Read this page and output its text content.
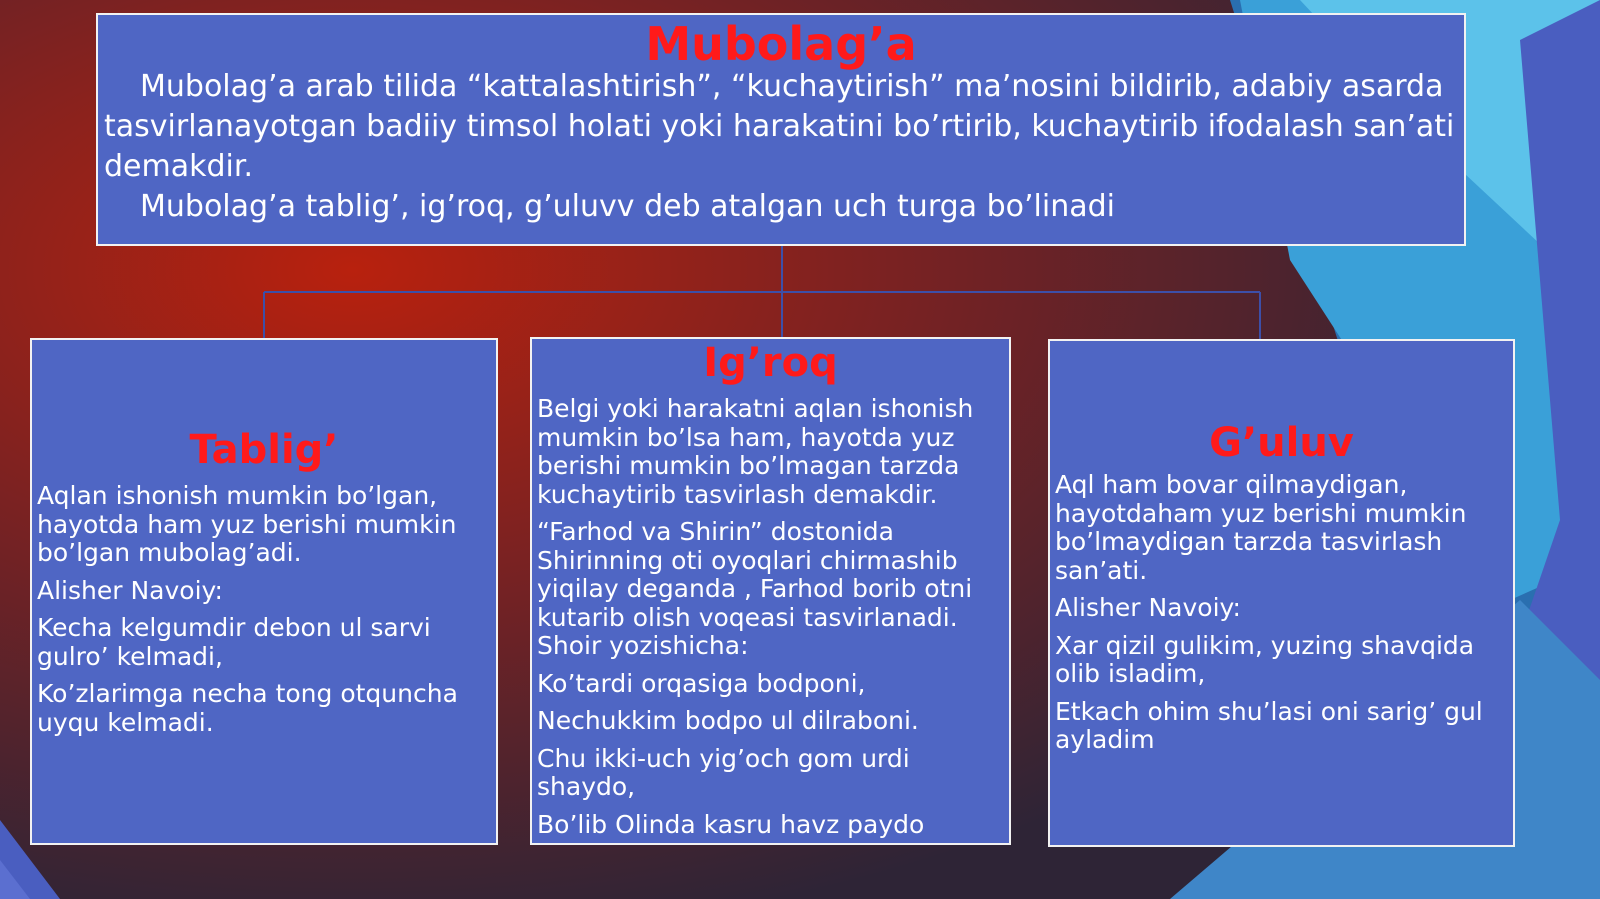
Mubolag’a

Mubolag’a arab tilida “kattalashtirish”, “kuchaytirish” ma’nosini bildirib, adabiy asarda tasvirlanayotgan badiiy timsol holati yoki harakatini bo’rtirib, kuchaytirib ifodalash san’ati demakdir.

Mubolag’a tablig’, ig’roq, g’uluvv deb atalgan uch turga bo’linadi

Tablig’

Aqlan ishonish mumkin bo’lgan, hayotda ham yuz berishi mumkin bo’lgan mubolag’adi.

Alisher Navoiy:

Kecha kelgumdir debon ul sarvi gulro’ kelmadi,

Ko’zlarimga necha tong otquncha uyqu kelmadi.

Ig’roq

Belgi yoki harakatni aqlan ishonish mumkin bo’lsa ham, hayotda yuz berishi mumkin bo’lmagan tarzda kuchaytirib tasvirlash demakdir.

“Farhod va Shirin” dostonida Shirinning oti oyoqlari chirmashib yiqilay deganda , Farhod borib otni kutarib olish voqeasi tasvirlanadi. Shoir yozishicha:

Ko’tardi orqasiga bodponi,

Nechukkim bodpo ul dilraboni.

Chu ikki-uch yig’och gom urdi shaydo,

Bo’lib Olinda kasru havz paydo

G’uluv

Aql ham bovar qilmaydigan, hayotdaham yuz berishi mumkin bo’lmaydigan tarzda tasvirlash san’ati.

Alisher Navoiy:

Xar qizil gulikim, yuzing shavqida olib isladim,

Etkach ohim shu’lasi oni sarig’ gul ayladim
